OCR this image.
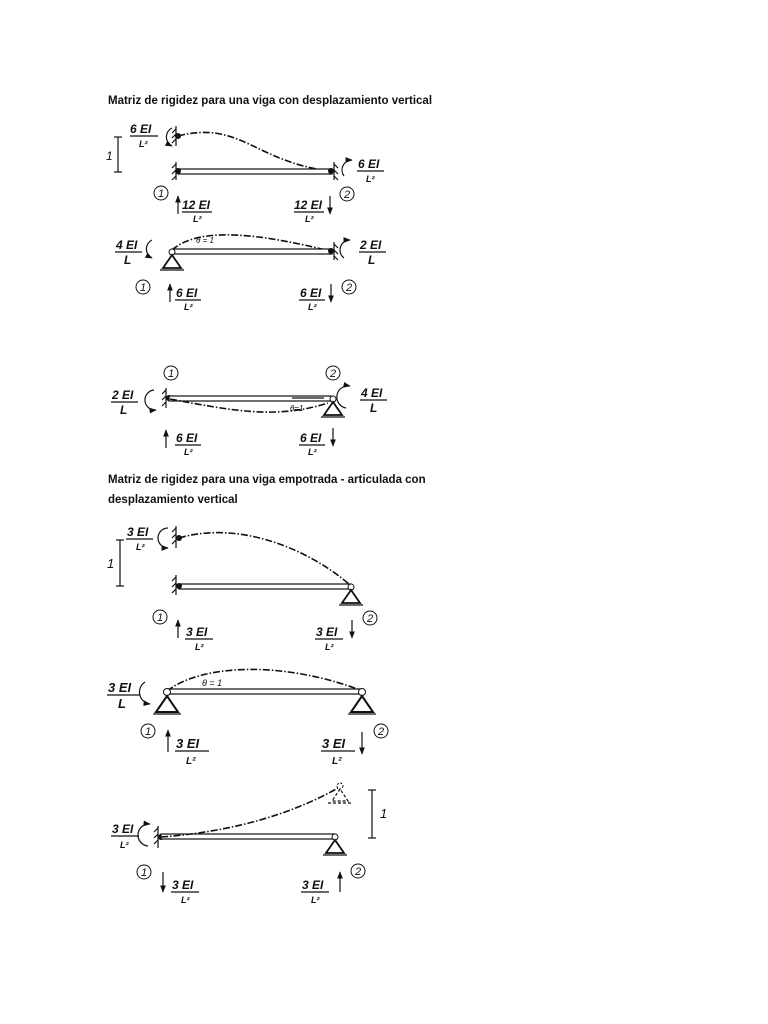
Matriz de rigidez para una viga con desplazamiento vertical
1
6 EI
L²
6 EI
L²
1	2
12 EI
L²
12 EI
L²
4 EI
L
θ = 1	2 EI
L
1	2
6 EI
L²
6 EI
L²
1	2
2 EI
L	θ=1
4 EI
L
6 EI
L²
6 EI
L²
Matriz de rigidez para una viga empotrada - articulada con
desplazamiento vertical
1
3 EI
L²
1	2
3 EI
L²
3 EI
L²
3 EI
L
θ = 1
1	2
3 EI
L²
3 EI
L²
1
3 EI
L²
1	2
3 EI
L²
3 EI
L²
